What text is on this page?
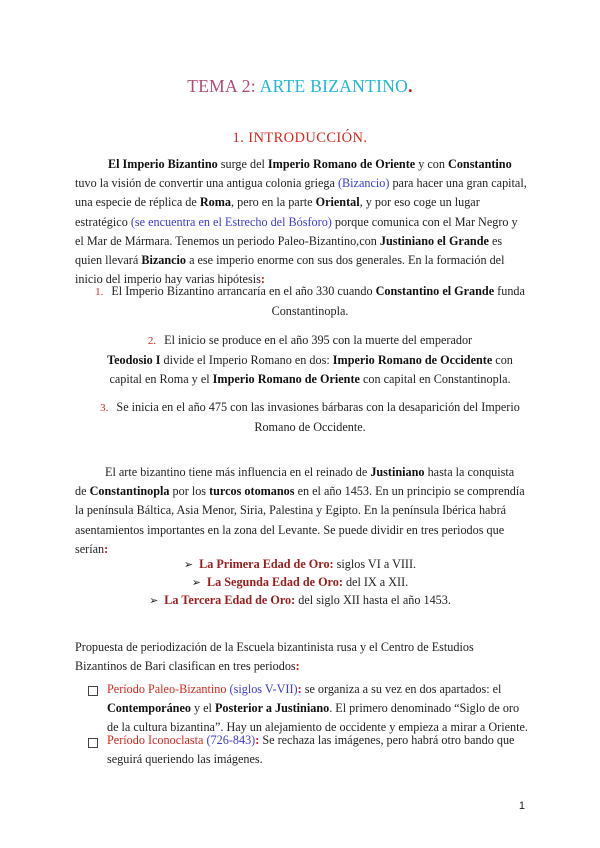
TEMA 2: ARTE BIZANTINO.
1. INTRODUCCIÓN.

El Imperio Bizantino surge del Imperio Romano de Oriente y con Constantino tuvo la visión de convertir una antigua colonia griega (Bizancio) para hacer una gran capital, una especie de réplica de Roma, pero en la parte Oriental, y por eso coge un lugar estratégico (se encuentra en el Estrecho del Bósforo) porque comunica con el Mar Negro y el Mar de Mármara. Tenemos un periodo Paleo-Bizantino,con Justiniano el Grande es quien llevará Bizancio a ese imperio enorme con sus dos generales. En la formación del inicio del imperio hay varias hipótesis:

1. El Imperio Bizantino arrancaría en el año 330 cuando Constantino el Grande funda
Constantinopla.
2. El inicio se produce en el año 395 con la muerte del emperador
Teodosio I divide el Imperio Romano en dos: Imperio Romano de Occidente con
capital en Roma y el Imperio Romano de Oriente con capital en Constantinopla.
3. Se inicia en el año 475 con las invasiones bárbaras con la desaparición del Imperio
Romano de Occidente.

El arte bizantino tiene más influencia en el reinado de Justiniano hasta la conquista de Constantinopla por los turcos otomanos en el año 1453. En un principio se comprendía la península Báltica, Asia Menor, Siria, Palestina y Egipto. En la península Ibérica habrá asentamientos importantes en la zona del Levante. Se puede dividir en tres periodos que serían:

➢ La Primera Edad de Oro: siglos VI a VIII.
➢ La Segunda Edad de Oro: del IX a XII.
➢ La Tercera Edad de Oro: del siglo XII hasta el año 1453.

Propuesta de periodización de la Escuela bizantinista rusa y el Centro de Estudios Bizantinos de Bari clasifican en tres periodos:

Período Paleo-Bizantino (siglos V-VII): se organiza a su vez en dos apartados: el Contemporáneo y el Posterior a Justiniano. El primero denominado “Siglo de oro de la cultura bizantina”. Hay un alejamiento de occidente y empieza a mirar a Oriente.

Período Iconoclasta (726-843): Se rechaza las imágenes, pero habrá otro bando que seguirá queriendo las imágenes.

1
